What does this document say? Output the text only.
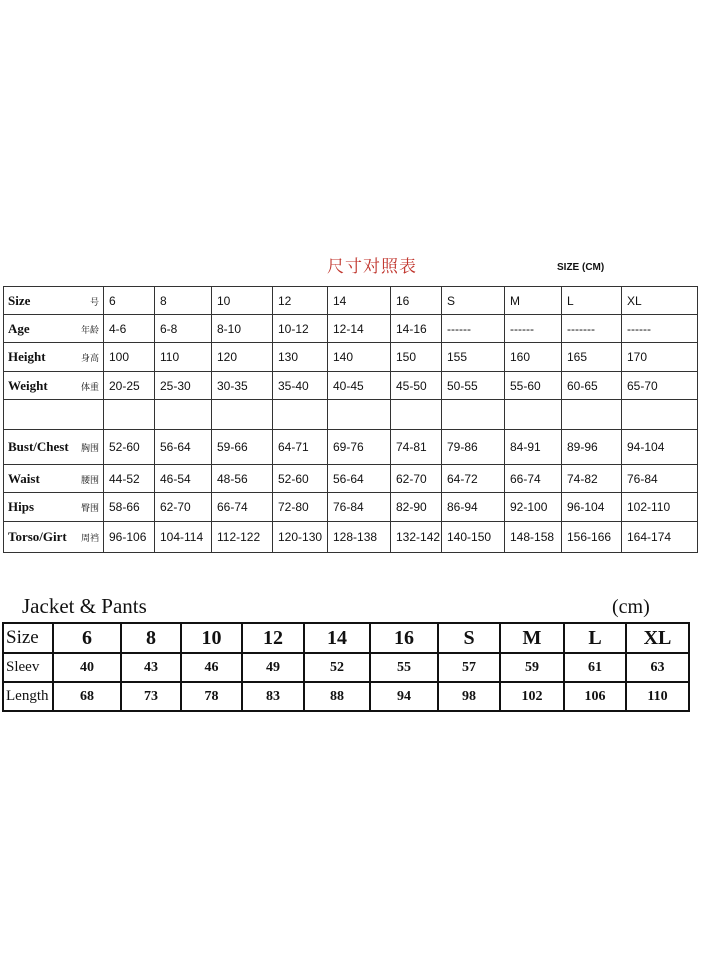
尺寸对照表	SIZE (CM)
号
Size	6	8	10	12	14	16	S	M	L	XL

年龄
Age	4-6	6-8	8-10	10-12	12-14	14-16	------	------	-------	------

身高
Height	100	110	120	130	140	150	155	160	165	170

体重
Weight	20-25	25-30	30-35	35-40	40-45	45-50	50-55	55-60	60-65	65-70

胸围
Bust/Chest	52-60	56-64	59-66	64-71	69-76	74-81	79-86	84-91	89-96	94-104

腰围
Waist	44-52	46-54	48-56	52-60	56-64	62-70	64-72	66-74	74-82	76-84

臀围
Hips	58-66	62-70	66-74	72-80	76-84	82-90	86-94	92-100	96-104	102-110

周裆
Torso/Girt	96-106	104-114	112-122	120-130	128-138	132-142	140-150	148-158	156-166	164-174
Jacket & Pants	(cm)
Size	6	8	10	12	14	16	S	M	L	XL
Sleev	40	43	46	49	52	55	57	59	61	63
Length	68	73	78	83	88	94	98	102	106	110
